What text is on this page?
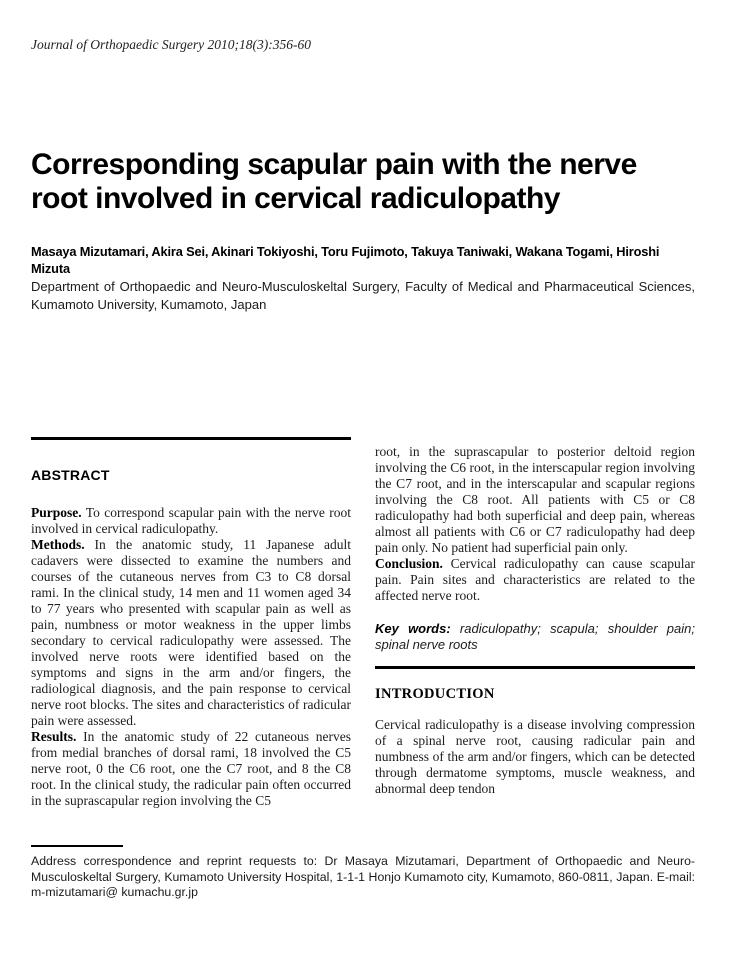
Journal of Orthopaedic Surgery 2010;18(3):356-60
Corresponding scapular pain with the nerve root involved in cervical radiculopathy
Masaya Mizutamari, Akira Sei, Akinari Tokiyoshi, Toru Fujimoto, Takuya Taniwaki, Wakana Togami, Hiroshi Mizuta
Department of Orthopaedic and Neuro-Musculoskeltal Surgery, Faculty of Medical and Pharmaceutical Sciences, Kumamoto University, Kumamoto, Japan
ABSTRACT

Purpose. To correspond scapular pain with the nerve root involved in cervical radiculopathy.

Methods. In the anatomic study, 11 Japanese adult cadavers were dissected to examine the numbers and courses of the cutaneous nerves from C3 to C8 dorsal rami. In the clinical study, 14 men and 11 women aged 34 to 77 years who presented with scapular pain as well as pain, numbness or motor weakness in the upper limbs secondary to cervical radiculopathy were assessed. The involved nerve roots were identified based on the symptoms and signs in the arm and/or fingers, the radiological diagnosis, and the pain response to cervical nerve root blocks. The sites and characteristics of radicular pain were assessed.

Results. In the anatomic study of 22 cutaneous nerves from medial branches of dorsal rami, 18 involved the C5 nerve root, 0 the C6 root, one the C7 root, and 8 the C8 root. In the clinical study, the radicular pain often occurred in the suprascapular region involving the C5

root, in the suprascapular to posterior deltoid region involving the C6 root, in the interscapular region involving the C7 root, and in the interscapular and scapular regions involving the C8 root. All patients with C5 or C8 radiculopathy had both superficial and deep pain, whereas almost all patients with C6 or C7 radiculopathy had deep pain only. No patient had superficial pain only.

Conclusion. Cervical radiculopathy can cause scapular pain. Pain sites and characteristics are related to the affected nerve root.

Key words: radiculopathy; scapula; shoulder pain; spinal nerve roots

INTRODUCTION

Cervical radiculopathy is a disease involving compression of a spinal nerve root, causing radicular pain and numbness of the arm and/or fingers, which can be detected through dermatome symptoms, muscle weakness, and abnormal deep tendon

Address correspondence and reprint requests to: Dr Masaya Mizutamari, Department of Orthopaedic and Neuro-Musculoskeltal Surgery, Kumamoto University Hospital, 1-1-1 Honjo Kumamoto city, Kumamoto, 860-0811, Japan. E-mail: m-mizutamari@ kumachu.gr.jp
